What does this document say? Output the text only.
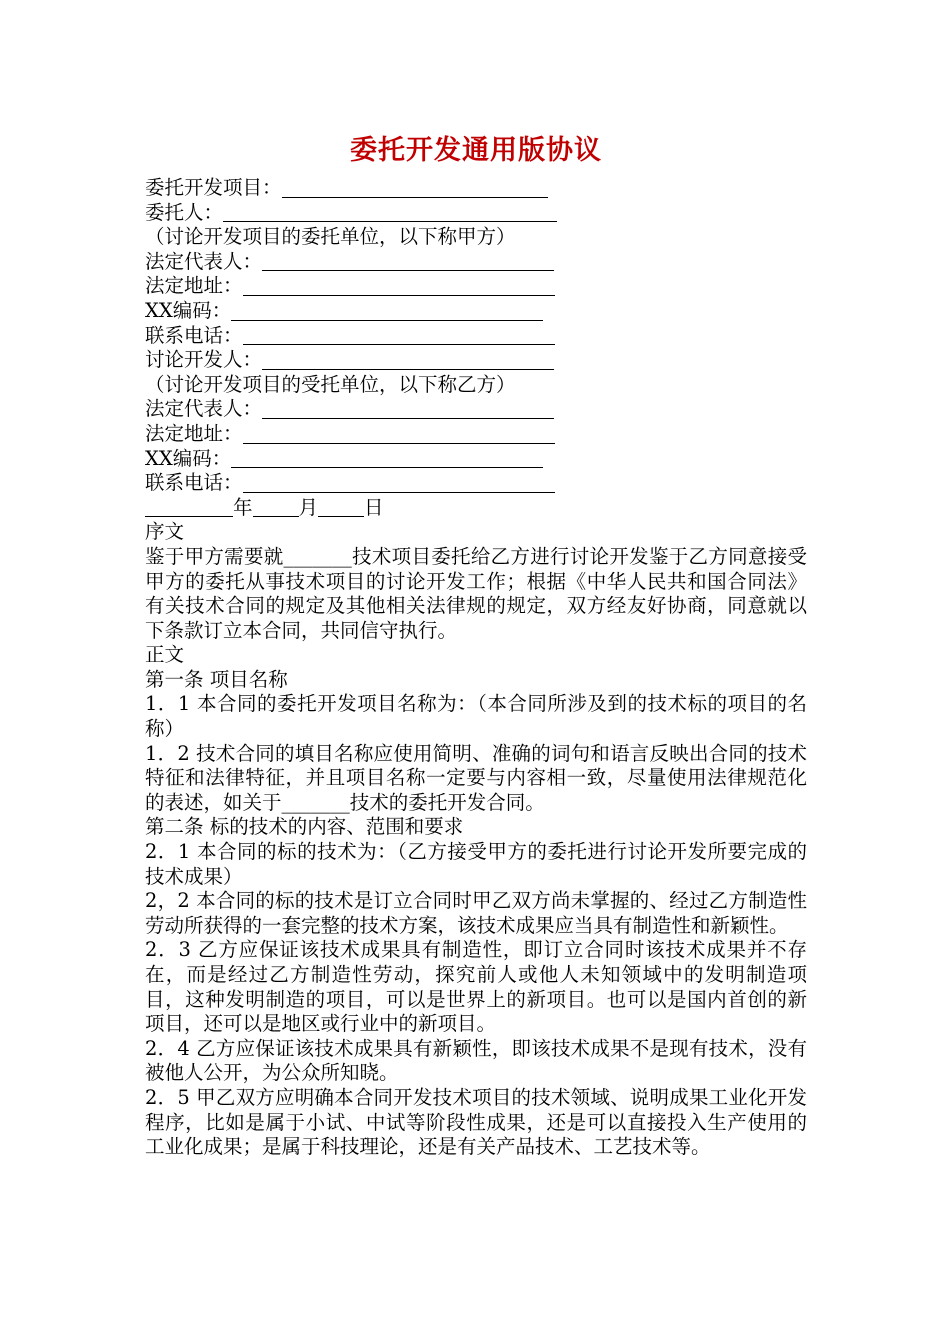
委托开发通用版协议
委托开发项目：
委托人：
（讨论开发项目的委托单位，以下称甲方）
法定代表人：
法定地址：
XX编码：
联系电话：
讨论开发人：
（讨论开发项目的受托单位，以下称乙方）
法定代表人：
法定地址：
XX编码：
联系电话：
年 月 日

序文

鉴于甲方需要就_______技术项目委托给乙方进行讨论开发鉴于乙方同意接受甲方的委托从事技术项目的讨论开发工作；根据《中华人民共和国合同法》有关技术合同的规定及其他相关法律规的规定，双方经友好协商，同意就以下条款订立本合同，共同信守执行。

正文

第一条 项目名称

1．1 本合同的委托开发项目名称为：（本合同所涉及到的技术标的项目的名称）

1．2 技术合同的填目名称应使用简明、准确的词句和语言反映出合同的技术特征和法律特征，并且项目名称一定要与内容相一致，尽量使用法律规范化的表述，如关于_______技术的委托开发合同。

第二条 标的技术的内容、范围和要求

2．1 本合同的标的技术为：（乙方接受甲方的委托进行讨论开发所要完成的技术成果）

2，2 本合同的标的技术是订立合同时甲乙双方尚未掌握的、经过乙方制造性劳动所获得的一套完整的技术方案，该技术成果应当具有制造性和新颖性。

2．3 乙方应保证该技术成果具有制造性，即订立合同时该技术成果并不存在，而是经过乙方制造性劳动，探究前人或他人未知领域中的发明制造项目，这种发明制造的项目，可以是世界上的新项目。也可以是国内首创的新项目，还可以是地区或行业中的新项目。

2．4 乙方应保证该技术成果具有新颖性，即该技术成果不是现有技术，没有被他人公开，为公众所知晓。

2．5 甲乙双方应明确本合同开发技术项目的技术领域、说明成果工业化开发程序，比如是属于小试、中试等阶段性成果，还是可以直接投入生产使用的工业化成果；是属于科技理论，还是有关产品技术、工艺技术等。
